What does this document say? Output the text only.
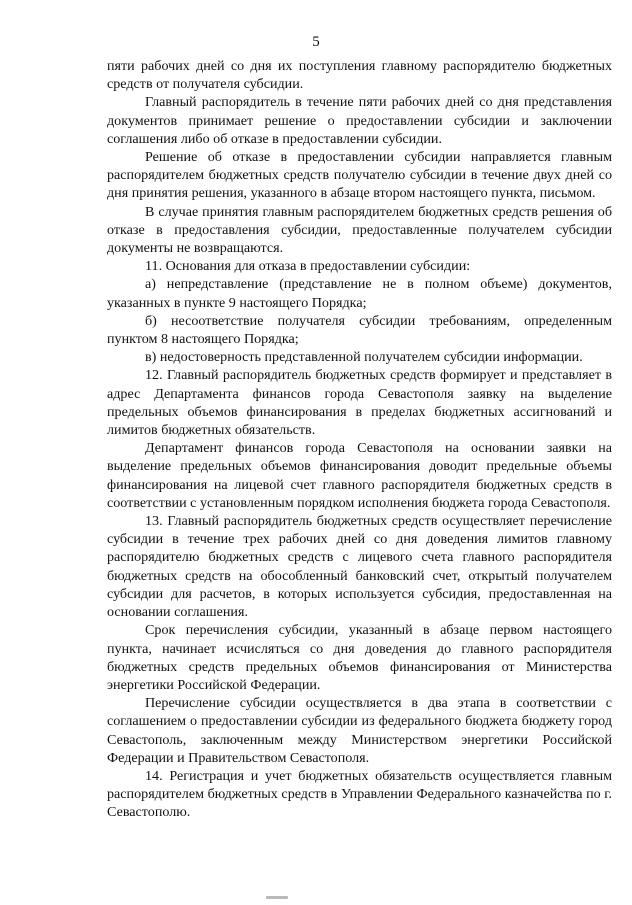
5

пяти рабочих дней со дня их поступления главному распорядителю бюджетных средств от получателя субсидии.

Главный распорядитель в течение пяти рабочих дней со дня представления документов принимает решение о предоставлении субсидии и заключении соглашения либо об отказе в предоставлении субсидии.

Решение об отказе в предоставлении субсидии направляется главным распорядителем бюджетных средств получателю субсидии в течение двух дней со дня принятия решения, указанного в абзаце втором настоящего пункта, письмом.

В случае принятия главным распорядителем бюджетных средств решения об отказе в предоставления субсидии, предоставленные получателем субсидии документы не возвращаются.

11. Основания для отказа в предоставлении субсидии:

а) непредставление (представление не в полном объеме) документов, указанных в пункте 9 настоящего Порядка;

б) несоответствие получателя субсидии требованиям, определенным пунктом 8 настоящего Порядка;

в) недостоверность представленной получателем субсидии информации.

12. Главный распорядитель бюджетных средств формирует и представляет в адрес Департамента финансов города Севастополя заявку на выделение предельных объемов финансирования в пределах бюджетных ассигнований и лимитов бюджетных обязательств.

Департамент финансов города Севастополя на основании заявки на выделение предельных объемов финансирования доводит предельные объемы финансирования на лицевой счет главного распорядителя бюджетных средств в соответствии с установленным порядком исполнения бюджета города Севастополя.

13. Главный распорядитель бюджетных средств осуществляет перечисление субсидии в течение трех рабочих дней со дня доведения лимитов главному распорядителю бюджетных средств с лицевого счета главного распорядителя бюджетных средств на обособленный банковский счет, открытый получателем субсидии для расчетов, в которых используется субсидия, предоставленная на основании соглашения.

Срок перечисления субсидии, указанный в абзаце первом настоящего пункта, начинает исчисляться со дня доведения до главного распорядителя бюджетных средств предельных объемов финансирования от Министерства энергетики Российской Федерации.

Перечисление субсидии осуществляется в два этапа в соответствии с соглашением о предоставлении субсидии из федерального бюджета бюджету город Севастополь, заключенным между Министерством энергетики Российской Федерации и Правительством Севастополя.

14. Регистрация и учет бюджетных обязательств осуществляется главным распорядителем бюджетных средств в Управлении Федерального казначейства по г. Севастополю.
